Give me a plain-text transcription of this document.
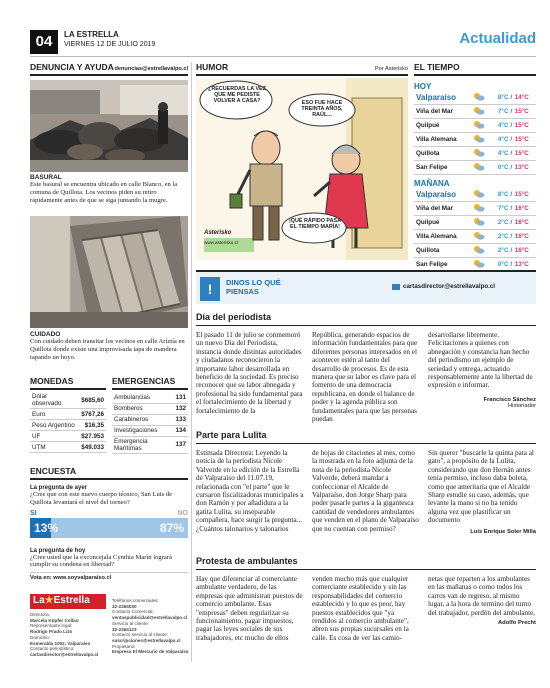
04	LA ESTRELLA
VIERNES 12 DE JULIO 2019	Actualidad
DENUNCIA Y AYUDA denuncias@estrellavalpo.cl
BASURAL
Este basural se encuentra ubicado en calle Blanco, en la comuna de Quillota. Los vecinos piden su retiro rápidamente antes de que se siga juntando la mugre.
CUIDADO
Con cuidado deben transitar los vecinos en calle Aríztía en Quillota donde existe una improvisada tapa de mandera tapando un hoyo.
MONEDAS
Dólar observado	$685,60
Euro	$767,26
Peso Argentino	$16,35
UF	$27.953
UTM	$49.033
EMERGENCIAS
Ambulancias	131
Bomberos	132
Carabineros	133
Investigaciones	134
Emergencia Marítimas	137
ENCUESTA
La pregunta de ayer
¿Cree que con este nuevo cuerpo técnico, San Luis de Quillota levantará el nivel del torneo?
SI	NO
13%	87%
La pregunta de hoy
¿Cree usted que la exconcejala Cynthia Marín lograrà cumplir su condena en libertad?
Vota en: www.soyvalparaiso.cl
La★Estrella
Directora:
Marcela Küpfer Collao
Representante legal:
Rodrigo Prado Lizo
Domicilio:
Esmeralda 1002, Valparaíso
Contacto periodístico:
cartasdirector@estrellavalpo.cl
Teléfonos comerciales:
32-2264030
Contacto Comercial:
ventaspublicidad@estrellavalpo.cl
Servicio al cliente:
32-2264123
Contacto servicio al cliente:
suscripciones@estrellavalpo.cl
Propietario:
Empresa El Mercurio de Valparaíso
HUMOR	Por Asterisko
¿RECUERDAS LA VEZ QUE ME PEDISTE VOLVER A CASA?	ESO FUE HACE TREINTA AÑOS, RAÚL...
¡QUÉ RÁPIDO PASA EL TIEMPO MARÍA!
Asterisko
www.asterisko.cl
EL TIEMPO
HOY
Valparaíso		8°C	/	14°C
Viña del Mar		7°C	/	15°C
Quilpué		4°C	/	15°C
Villa Alemana		4°C	/	15°C
Quillota		4°C	/	15°C
San Felipe		0°C	/	13°C
MAÑANA
Valparaíso		8°C	/	15°C
Viña del Mar		7°C	/	16°C
Quilpué		2°C	/	16°C
Villa Alemana		2°C	/	16°C
Quillota		2°C	/	16°C
San Felipe		0°C	/	13°C
!	DINOS LO QUÉ PIENSAS
cartasdirector@estrellavalpo.cl
Día del periodista
El pasado 11 de julio se conmemoró un nuevo Día del Periodista, instancia donde distintas autoridades y ciudadanos reconocieron la importante labor desarrollada en beneficio de la sociedad. Es preciso reconocer que su labor abnegada y profesional ha sido fundamental para el fortalecimiento de la libertad y fortalecimiento de la
República, generando espacios de información fundamentales para que diferentes personas interesados en el acontecer estén al tanto del desarrollo de procesos. Es de esta manera que su labor es clave para el fomento de una democracia republicana, en donde el balance de poder y la agenda pública son fundamentales para que las personas puedan
desarrollarse libremente. Felicitaciones a quienes con abnegación y constancia han hecho del periodismo un ejemplo de seriedad y entrega, actuando responsablemente ante la libertad de expresión e informar.
Francisco Sánchez
Historiador
Parte para Lulita
Estimada Directora: Leyendo la noticia de la periodista Nicole Valverde en la edición de la Estrella de Valparaíso del 11.07.19, relacionada con "el parte" que le cursaron fiscalizadoras municipales a don Ramón y por añadidura a la gatita Lulita, su inseparable compañera, hace surgir la pregunta... ¿Cuántos talonarios y talonarios
de hojas de citaciones al mes, como la mostrada en la foto adjunta de la nota de la periodista Nicole Valverde, deberá mandar a confeccionar el Alcalde de Valparaíso, don Jorge Sharp para poder pasarle partes a la gigantesca cantidad de vendedores ambulantes que venden en el plano de Valparaíso que no cuentan con permiso?
Sin querer "buscarle la quinta pata al gato", a propósito de la Lulita, considerando que don Hernán antes tenía permiso, incluso daba boleta, como que ameritaría que el Alcalde Sharp estudie su caso, además, que levante la mano si no ha tenido alguna vez que plastificar un documento
Luis Enrique Soler Milla
Protesta de ambulantes
Hay que diferenciar al comerciante ambulante verdadero, de las empresas que administran puestos de comercio ambulante. Esas "empresas" deben regularizar su funcionamiento, pagar impuestos, pagar las leyes sociales de sus trabajadores, etc mucho de ellos
venden mucho más que cualquier comerciante establecido y sin las responsabilidades del comercio establecido y lo que es peor, hay puestos establecidos que "ya rendidos al comercio ambulante", abren sus propias sucursales en la calle. Es cosa de ver las camio-
netas que reparten a los ambulantes en las mañanas o como todos los carros van de regreso, al mismo lugar, a la hora de termino del turno del trabajador, perdón del ambulante,
Adolfo Precht
